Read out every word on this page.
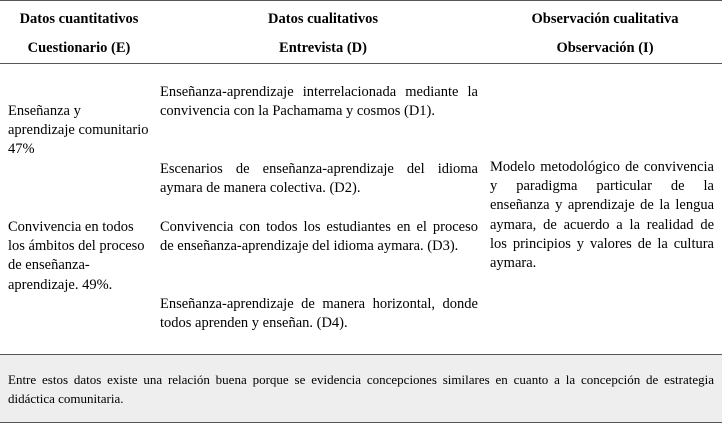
Datos cuantitativos
Cuestionario (E)
Datos cualitativos
Entrevista (D)
Observación cualitativa
Observación (I)
Enseñanza y aprendizaje comunitario 47%
Convivencia en todos los ámbitos del proceso de enseñanza-aprendizaje. 49%.
Enseñanza-aprendizaje interrelacionada mediante la convivencia con la Pachamama y cosmos (D1).
Escenarios de enseñanza-aprendizaje del idioma aymara de manera colectiva. (D2).
Convivencia con todos los estudiantes en el proceso de enseñanza-aprendizaje del idioma aymara. (D3).
Enseñanza-aprendizaje de manera horizontal, donde todos aprenden y enseñan. (D4).
Modelo metodológico de convivencia y paradigma particular de la enseñanza y aprendizaje de la lengua aymara, de acuerdo a la realidad de los principios y valores de la cultura aymara.
Entre estos datos existe una relación buena porque se evidencia concepciones similares en cuanto a la concepción de estrategia didáctica comunitaria.
